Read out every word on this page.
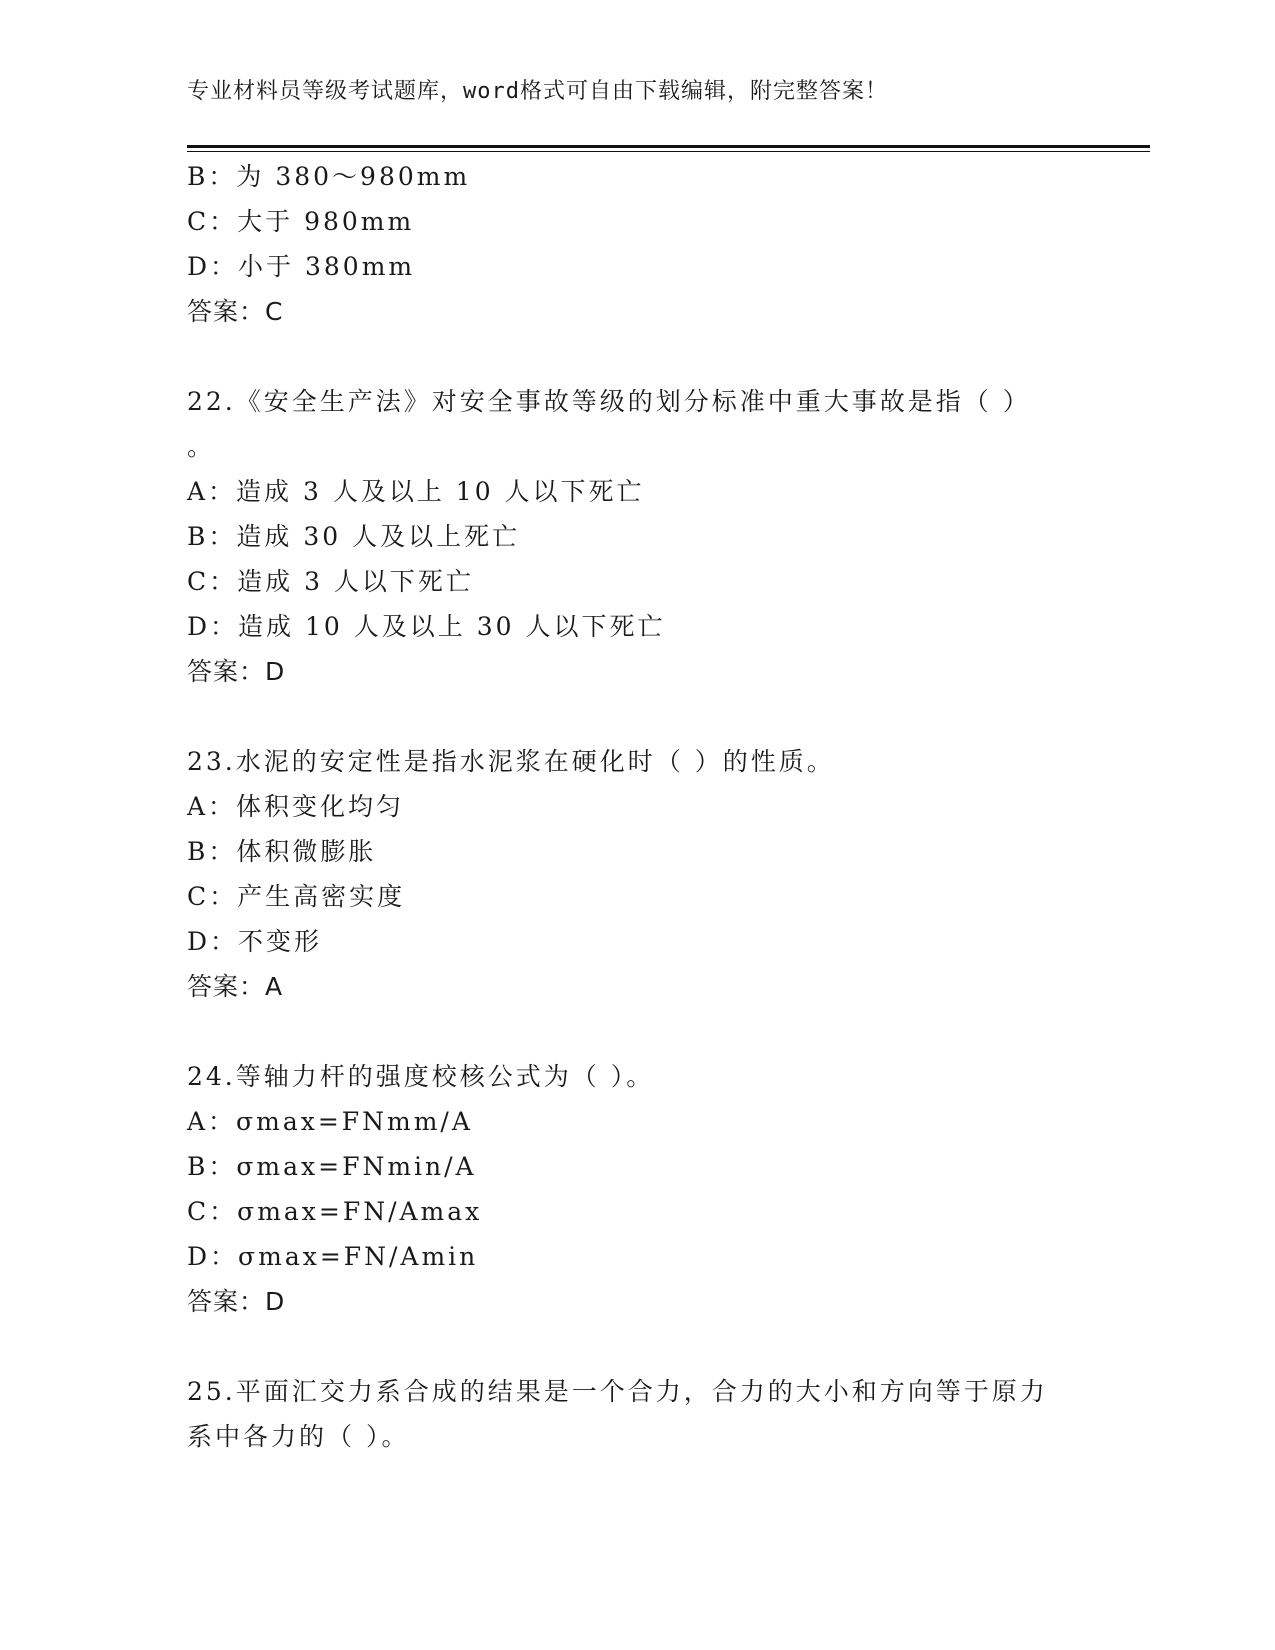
专业材料员等级考试题库，word格式可自由下载编辑，附完整答案！
B：为 380～980mm
C：大于 980mm
D：小于 380mm
答案：C
22.《安全生产法》对安全事故等级的划分标准中重大事故是指（ ）
。
A：造成 3 人及以上 10 人以下死亡
B：造成 30 人及以上死亡
C：造成 3 人以下死亡
D：造成 10 人及以上 30 人以下死亡
答案：D
23.水泥的安定性是指水泥浆在硬化时（ ）的性质。
A：体积变化均匀
B：体积微膨胀
C：产生高密实度
D：不变形
答案：A
24.等轴力杆的强度校核公式为（ ）。
A：σmax=FNmm/A
B：σmax=FNmin/A
C：σmax=FN/Amax
D：σmax=FN/Amin
答案：D
25.平面汇交力系合成的结果是一个合力，合力的大小和方向等于原力
系中各力的（ ）。
